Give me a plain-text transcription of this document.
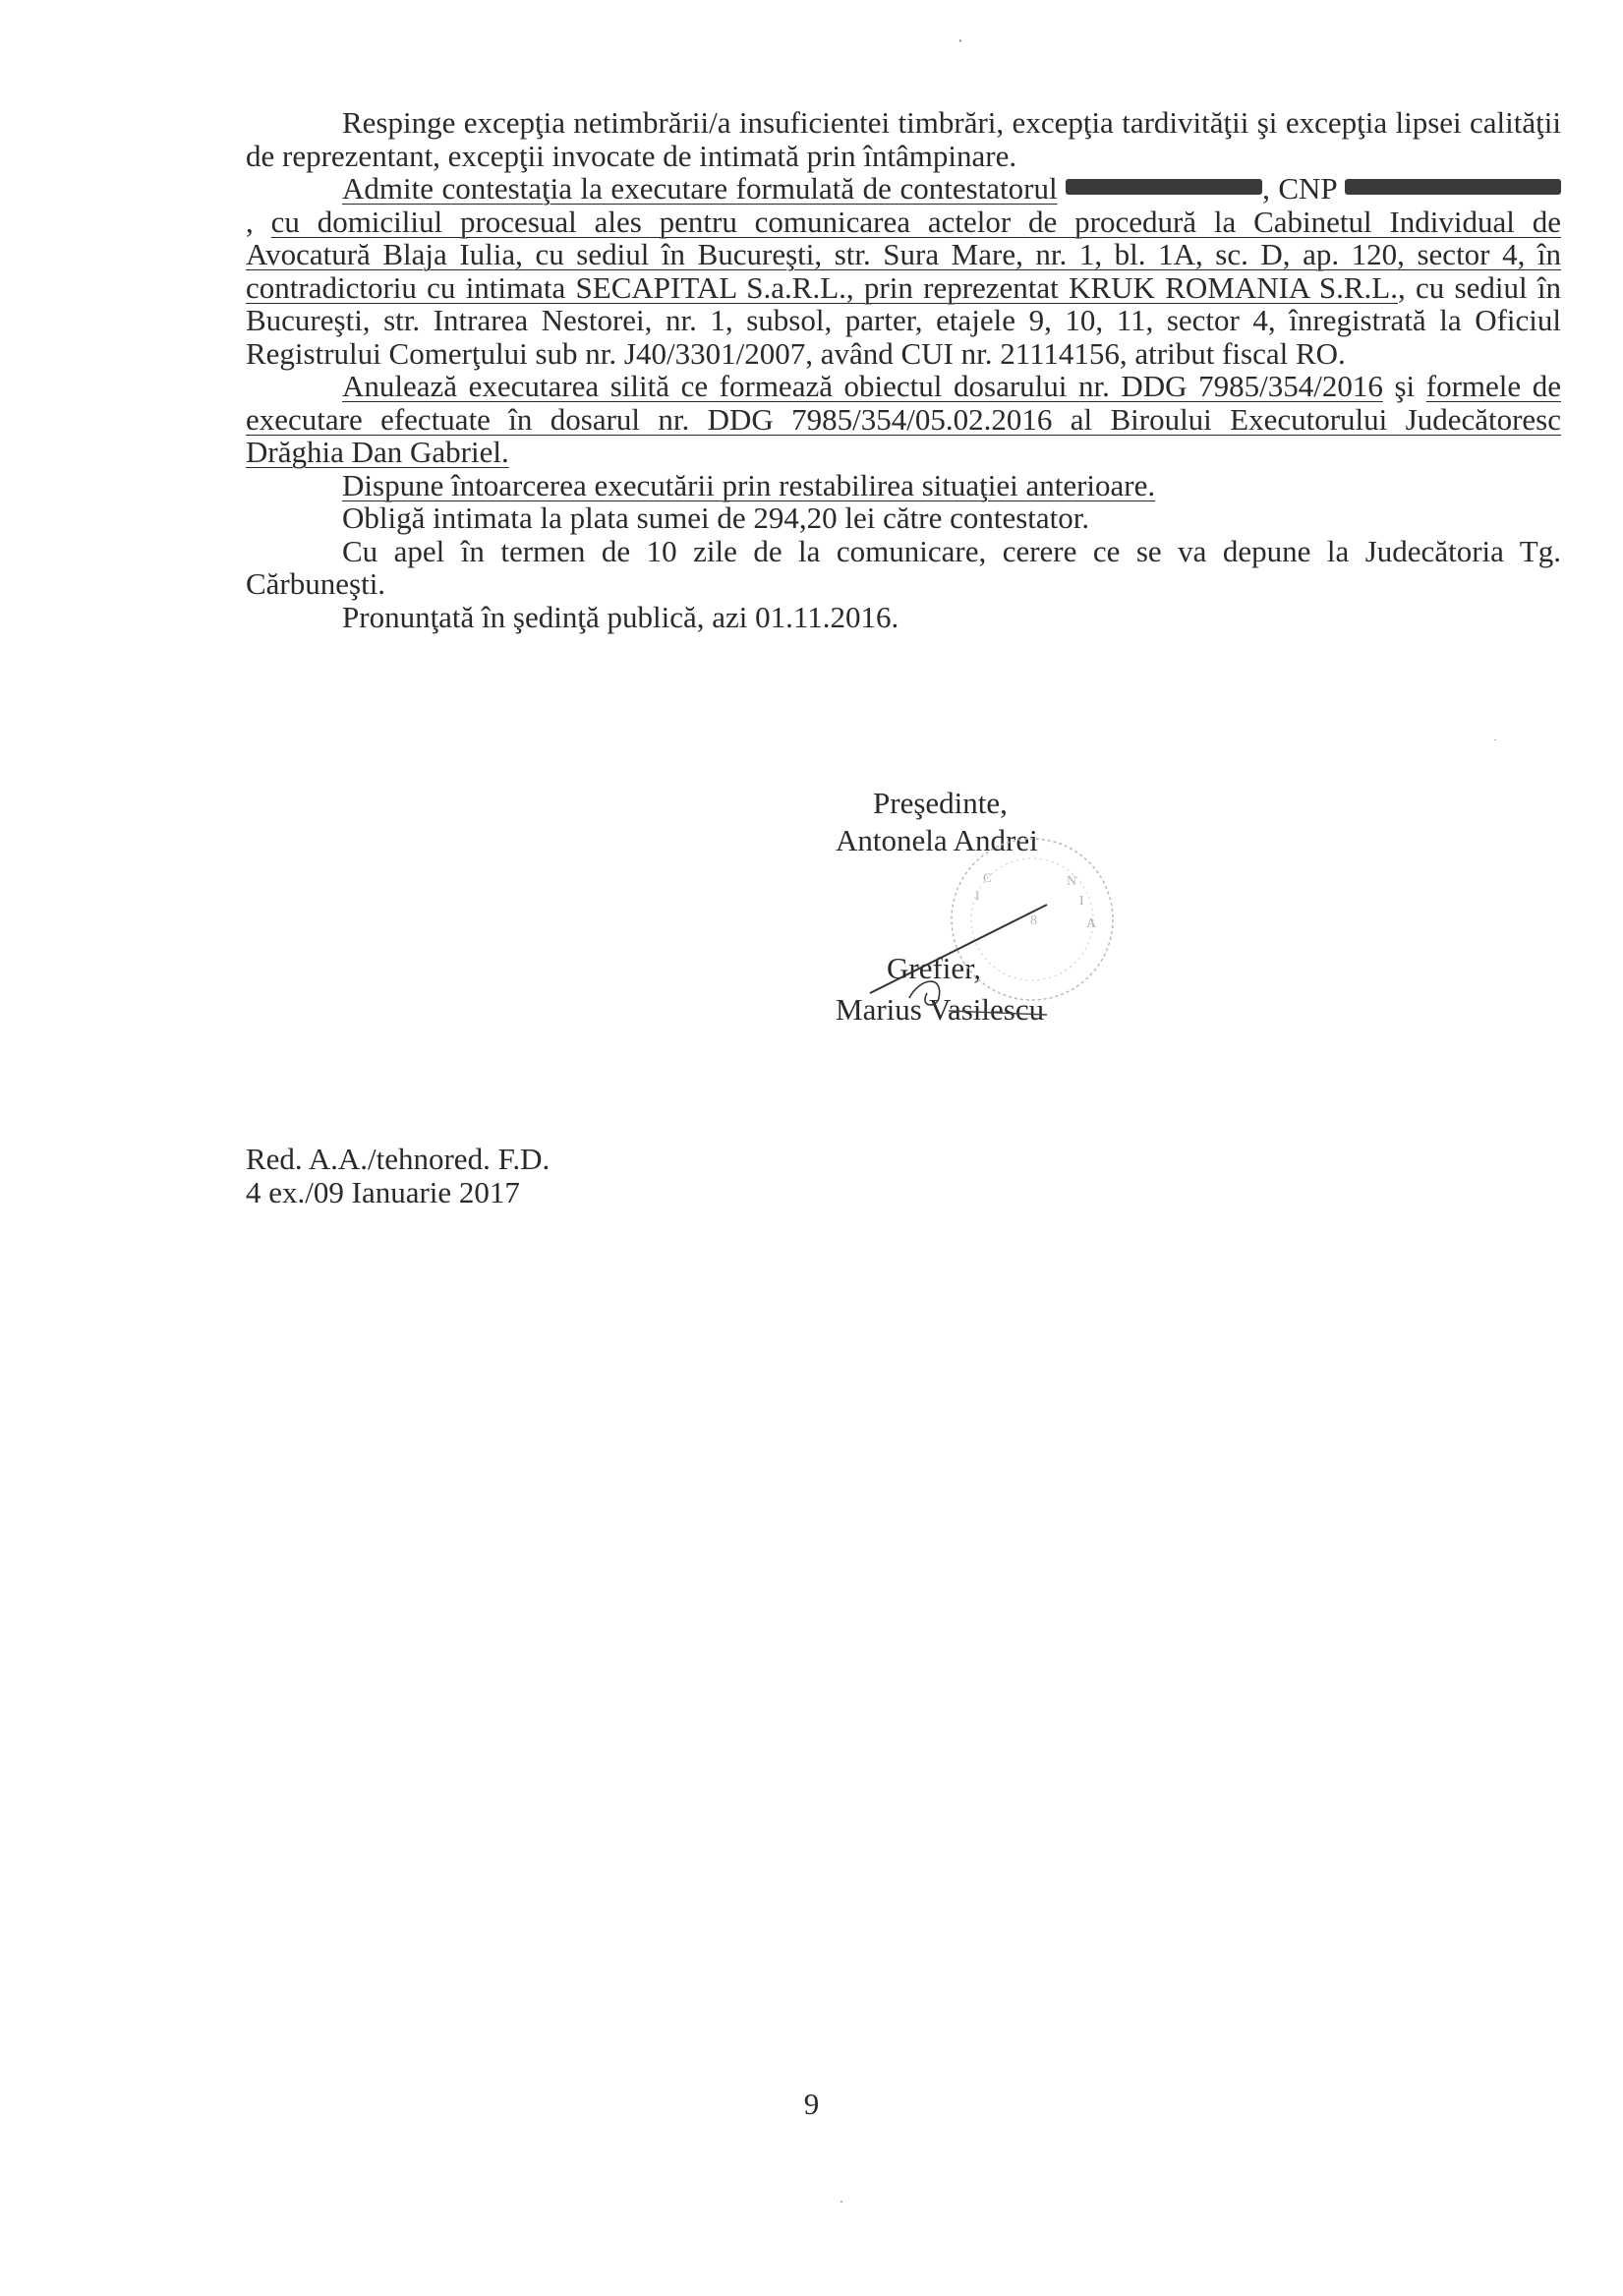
Respinge excepţia netimbrării/a insuficientei timbrări, excepţia tardivităţii şi excepţia lipsei calităţii de reprezentant, excepţii invocate de intimată prin întâmpinare.

Admite contestaţia la executare formulată de contestatorul	, CNP , cu domiciliul procesual ales pentru comunicarea actelor de procedură la Cabinetul Individual de Avocatură Blaja Iulia, cu sediul în Bucureşti, str. Sura Mare, nr. 1, bl. 1A, sc. D, ap. 120, sector 4, în contradictoriu cu intimata SECAPITAL S.a.R.L., prin reprezentat KRUK ROMANIA S.R.L., cu sediul în Bucureşti, str. Intrarea Nestorei, nr. 1, subsol, parter, etajele 9, 10, 11, sector 4, înregistrată la Oficiul Registrului Comerţului sub nr. J40/3301/2007, având CUI nr. 21114156, atribut fiscal RO.

Anulează executarea silită ce formează obiectul dosarului nr. DDG 7985/354/2016 şi formele de executare efectuate în dosarul nr. DDG 7985/354/05.02.2016 al Biroului Executorului Judecătoresc Drăghia Dan Gabriel.

Dispune întoarcerea executării prin restabilirea situaţiei anterioare.

Obligă intimata la plata sumei de 294,20 lei către contestator.

Cu apel în termen de 10 zile de la comunicare, cerere ce se va depune la Judecătoria Tg. Cărbuneşti.

Pronunţată în şedinţă publică, azi 01.11.2016.

Preşedinte,
Antonela Andrei
Grefier,
Marius Vasilescu
N
I
A
I
C
8
Red. A.A./tehnored. F.D.
4 ex./09 Ianuarie 2017
9
